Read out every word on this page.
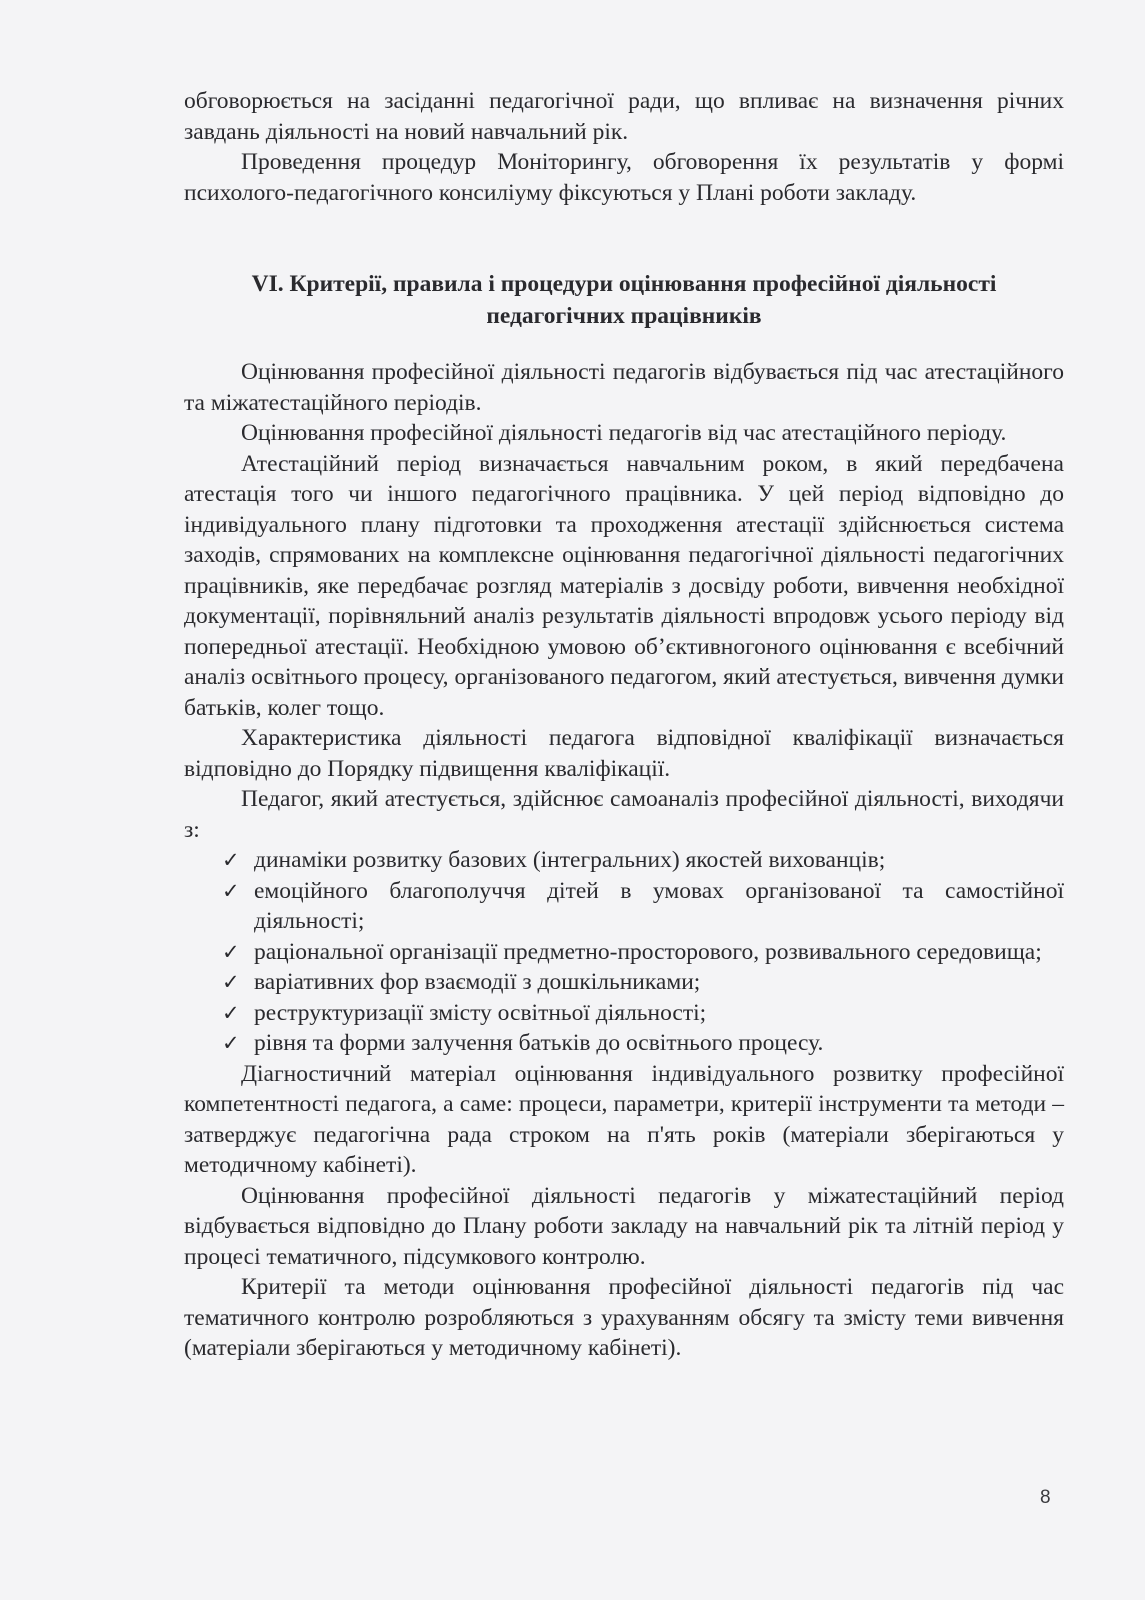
обговорюється на засіданні педагогічної ради, що впливає на визначення річних завдань діяльності на новий навчальний рік.

Проведення процедур Моніторингу, обговорення їх результатів у формі психолого-педагогічного консиліуму фіксуються у Плані роботи закладу.

VI. Критерії, правила і процедури оцінювання професійної діяльності педагогічних працівників

Оцінювання професійної діяльності педагогів відбувається під час атестаційного та міжатестаційного періодів.

Оцінювання професійної діяльності педагогів від час атестаційного періоду.

Атестаційний період визначається навчальним роком, в який передбачена атестація того чи іншого педагогічного працівника. У цей період відповідно до індивідуального плану підготовки та проходження атестації здійснюється система заходів, спрямованих на комплексне оцінювання педагогічної діяльності педагогічних працівників, яке передбачає розгляд матеріалів з досвіду роботи, вивчення необхідної документації, порівняльний аналіз результатів діяльності впродовж усього періоду від попередньої атестації. Необхідною умовою об’єктивногоного оцінювання є всебічний аналіз освітнього процесу, організованого педагогом, який атестується, вивчення думки батьків, колег тощо.

Характеристика діяльності педагога відповідної кваліфікації визначається відповідно до Порядку підвищення кваліфікації.

Педагог, який атестується, здійснює самоаналіз професійної діяльності, виходячи з:

✓ динаміки розвитку базових (інтегральних) якостей вихованців;
✓ емоційного благополуччя дітей в умовах організованої та самостійної діяльності;
✓ раціональної організації предметно-просторового, розвивального середовища;
✓ варіативних фор взаємодії з дошкільниками;
✓ реструктуризації змісту освітньої діяльності;
✓ рівня та форми залучення батьків до освітнього процесу.

Діагностичний матеріал оцінювання індивідуального розвитку професійної компетентності педагога, а саме: процеси, параметри, критерії інструменти та методи – затверджує педагогічна рада строком на п'ять років (матеріали зберігаються у методичному кабінеті).

Оцінювання професійної діяльності педагогів у міжатестаційний період відбувається відповідно до Плану роботи закладу на навчальний рік та літній період у процесі тематичного, підсумкового контролю.

Критерії та методи оцінювання професійної діяльності педагогів під час тематичного контролю розробляються з урахуванням обсягу та змісту теми вивчення (матеріали зберігаються у методичному кабінеті).

8
